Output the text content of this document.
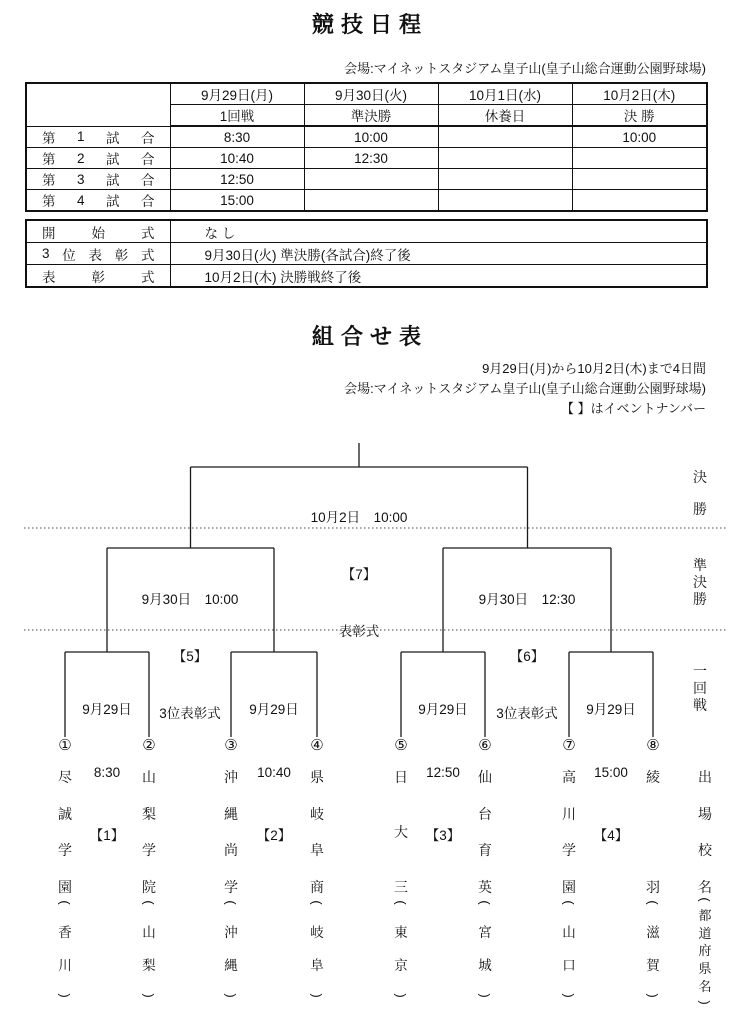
競技日程
会場:マイネットスタジアム皇子山(皇子山総合運動公園野球場)
	9月29日(月)	9月30日(火)	10月1日(水)	10月2日(木)
	1回戦	準決勝	休養日	決 勝

第 1 試 合	8:30	10:00		10:00

第 2 試 合	10:40	12:30		

第 3 試 合	12:50			

第 4 試 合	15:00			
開 始 式	な し

3 位 表 彰 式	9月30日(火) 準決勝(各試合)終了後

表 彰 式	10月2日(木) 決勝戦終了後
組合せ表
9月29日(月)から10月2日(木)まで4日間
会場:マイネットスタジアム皇子山(皇子山総合運動公園野球場)
【 】はイベントナンバー

10月2日　10:00

【7】

表彰式

9月30日　10:00

【5】

3位表彰式

9月30日　12:30

【6】

3位表彰式

9月29日

8:30

【1】

9月29日

10:40

【2】

9月29日

12:50

【3】

9月29日

15:00

【4】

決
勝
準
決
勝
一
回
戦
①	②	③	④	⑤	⑥	⑦	⑧
尽
誠
学
園
山
梨
学
院
沖
縄
尚
学
県
岐
阜
商
日
大
三
仙
台
育
英
高
川
学
園
綾
羽
出
場
校
名
(
香
川
)
(
山
梨
)
(
沖
縄
)
(
岐
阜
)
(
東
京
)
(
宮
城
)
(
山
口
)
(
滋
賀
)
(
都
道
府
県
名
)
